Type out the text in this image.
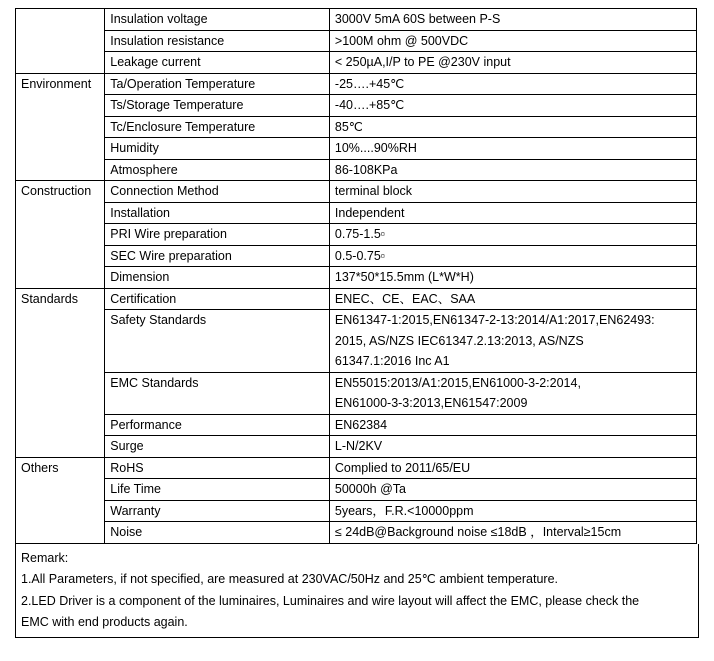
	Insulation voltage	3000V 5mA 60S between P-S

	Insulation resistance	>100M ohm @ 500VDC

	Leakage current	< 250µA,I/P to PE @230V input

Environment	Ta/Operation Temperature	-25….+45℃

	Ts/Storage Temperature	-40….+85℃

	Tc/Enclosure Temperature	85℃

	Humidity	10%....90%RH

	Atmosphere	86-108KPa

Construction	Connection Method	terminal block

	Installation	Independent

	PRI Wire preparation	0.75-1.5▫

	SEC Wire preparation	0.5-0.75▫

	Dimension	137*50*15.5mm (L*W*H)

Standards	Certification	ENEC、CE、EAC、SAA

	Safety Standards	EN61347-1:2015,EN61347-2-13:2014/A1:2017,EN62493:
2015, AS/NZS IEC61347.2.13:2013, AS/NZS
61347.1:2016 Inc A1

	EMC Standards	EN55015:2013/A1:2015,EN61000-3-2:2014,
EN61000-3-3:2013,EN61547:2009

	Performance	EN62384

	Surge	L-N/2KV

Others	RoHS	Complied to 2011/65/EU

	Life Time	50000h @Ta

	Warranty	5years，F.R.<10000ppm

	Noise	≤ 24dB@Background noise ≤18dB ，Interval≥15cm
Remark:
1.All Parameters, if not specified, are measured at 230VAC/50Hz and 25℃ ambient temperature.
2.LED Driver is a component of the luminaires, Luminaires and wire layout will affect the EMC, please check the
EMC with end products again.
